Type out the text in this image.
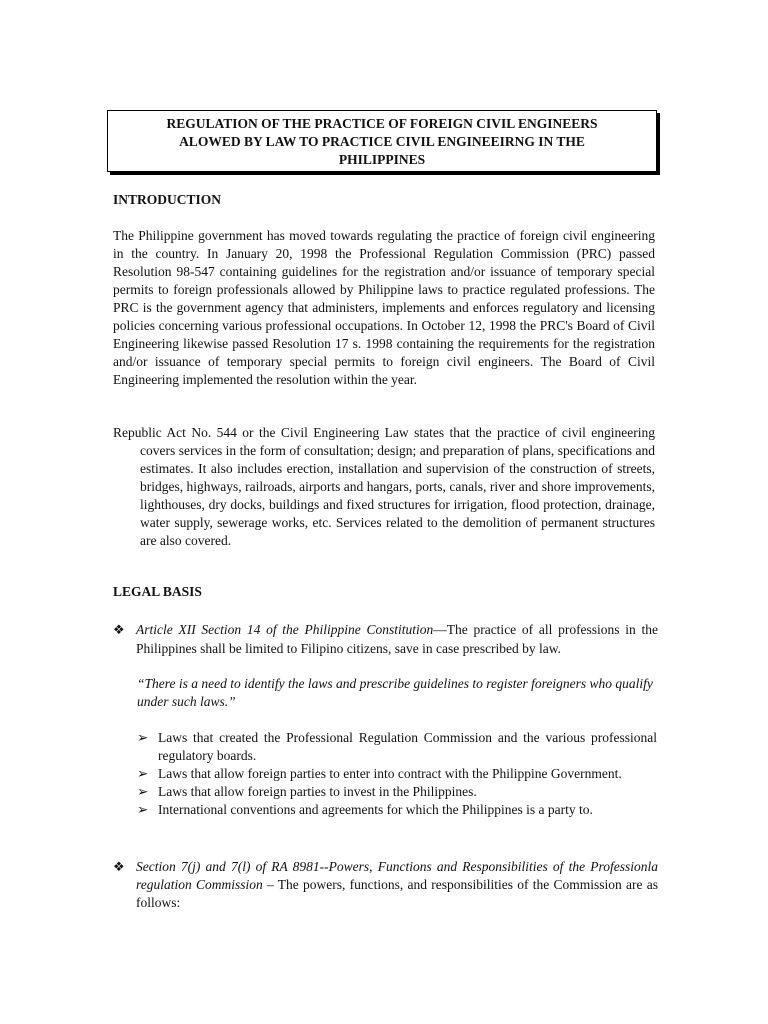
REGULATION OF THE PRACTICE OF FOREIGN CIVIL ENGINEERS
ALOWED BY LAW TO PRACTICE CIVIL ENGINEEIRNG IN THE
PHILIPPINES
INTRODUCTION
The Philippine government has moved towards regulating the practice of foreign civil engineering in the country. In January 20, 1998 the Professional Regulation Commission (PRC) passed Resolution 98-547 containing guidelines for the registration and/or issuance of temporary special permits to foreign professionals allowed by Philippine laws to practice regulated professions. The PRC is the government agency that administers, implements and enforces regulatory and licensing policies concerning various professional occupations. In October 12, 1998 the PRC's Board of Civil Engineering likewise passed Resolution 17 s. 1998 containing the requirements for the registration and/or issuance of temporary special permits to foreign civil engineers. The Board of Civil Engineering implemented the resolution within the year.
Republic Act No. 544 or the Civil Engineering Law states that the practice of civil engineering covers services in the form of consultation; design; and preparation of plans, specifications and estimates. It also includes erection, installation and supervision of the construction of streets, bridges, highways, railroads, airports and hangars, ports, canals, river and shore improvements, lighthouses, dry docks, buildings and fixed structures for irrigation, flood protection, drainage, water supply, sewerage works, etc. Services related to the demolition of permanent structures are also covered.
LEGAL BASIS
❖ Article XII Section 14 of the Philippine Constitution—The practice of all professions in the Philippines shall be limited to Filipino citizens, save in case prescribed by law.
“There is a need to identify the laws and prescribe guidelines to register foreigners who qualify under such laws.”
➢ Laws that created the Professional Regulation Commission and the various professional regulatory boards.
➢ Laws that allow foreign parties to enter into contract with the Philippine Government.
➢ Laws that allow foreign parties to invest in the Philippines.
➢ International conventions and agreements for which the Philippines is a party to.
❖ Section 7(j) and 7(l) of RA 8981--Powers, Functions and Responsibilities of the Professionla regulation Commission – The powers, functions, and responsibilities of the Commission are as follows:
